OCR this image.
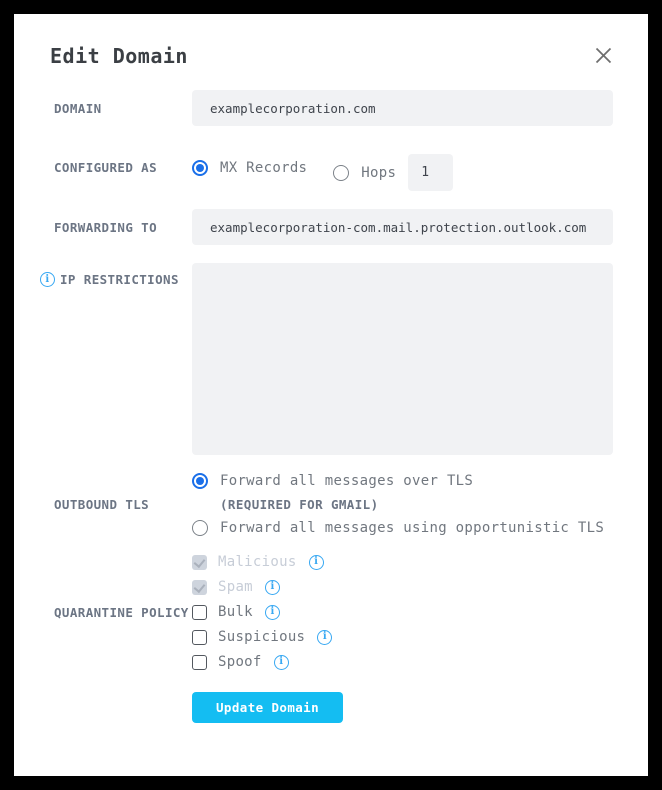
Edit Domain
DOMAIN
examplecorporation.com
CONFIGURED AS	MX Records	Hops
1
FORWARDING TO
examplecorporation-com.mail.protection.outlook.com
i IP RESTRICTIONS
OUTBOUND TLS
Forward all messages over TLS
(REQUIRED FOR GMAIL)
Forward all messages using opportunistic TLS
QUARANTINE POLICY
Malicious	i
Spam	i
Bulk	i
Suspicious	i
Spoof	i
Update Domain
